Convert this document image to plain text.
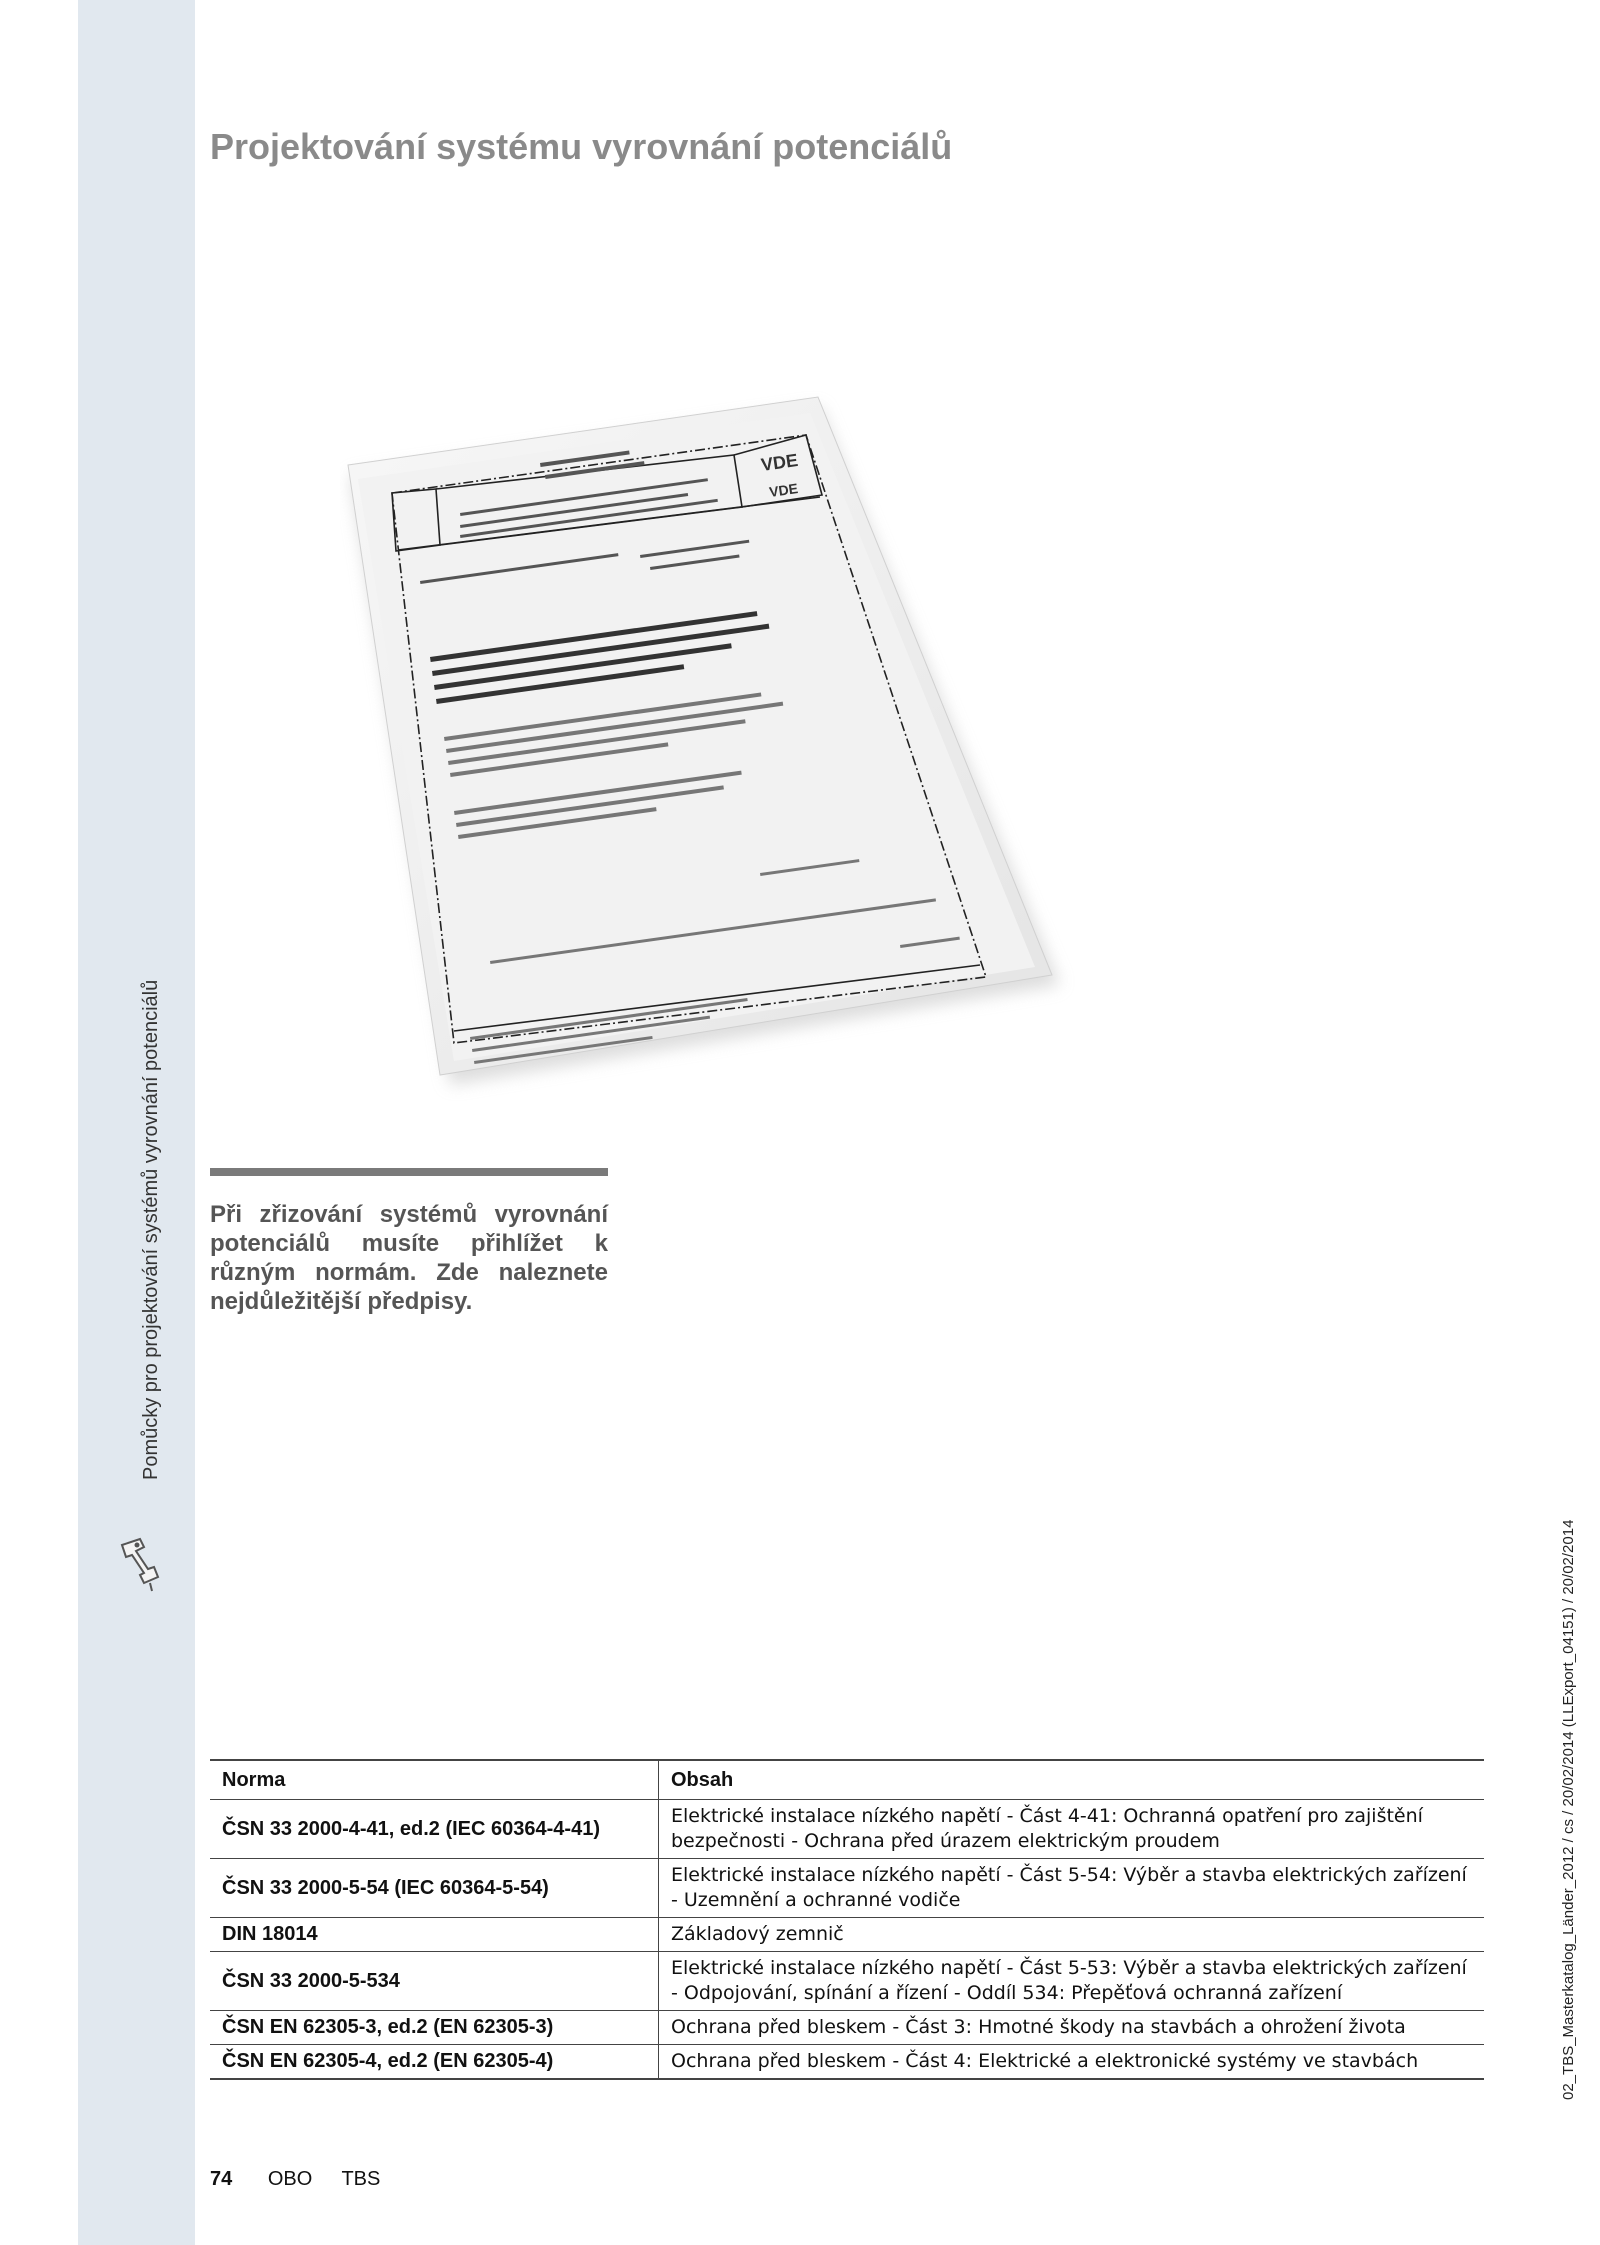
Pomůcky pro projektování systémů vyrovnání potenciálů
Projektování systému vyrovnání potenciálů
VDE
VDE

Při zřizování systémů vyrovnání potenciálů musíte přihlížet k různým normám. Zde naleznete nejdůležitější předpisy.

Norma	Obsah
ČSN 33 2000-4-41, ed.2 (IEC 60364-4-41)	Elektrické instalace nízkého napětí - Část 4-41: Ochranná opatření pro zajištění bezpečnosti - Ochrana před úrazem elektrickým proudem
ČSN 33 2000-5-54 (IEC 60364-5-54)	Elektrické instalace nízkého napětí - Část 5-54: Výběr a stavba elektrických zařízení - Uzemnění a ochranné vodiče
DIN 18014	Základový zemnič
ČSN 33 2000-5-534	Elektrické instalace nízkého napětí - Část 5-53: Výběr a stavba elektrických zařízení - Odpojování, spínání a řízení - Oddíl 534: Přepěťová ochranná zařízení
ČSN EN 62305-3, ed.2 (EN 62305-3)	Ochrana před bleskem - Část 3: Hmotné škody na stavbách a ohrožení života
ČSN EN 62305-4, ed.2 (EN 62305-4)	Ochrana před bleskem - Část 4: Elektrické a elektronické systémy ve stavbách
74 OBO TBS
02_TBS_Masterkatalog_Länder_2012 / cs / 20/02/2014 (LLExport_04151) / 20/02/2014
